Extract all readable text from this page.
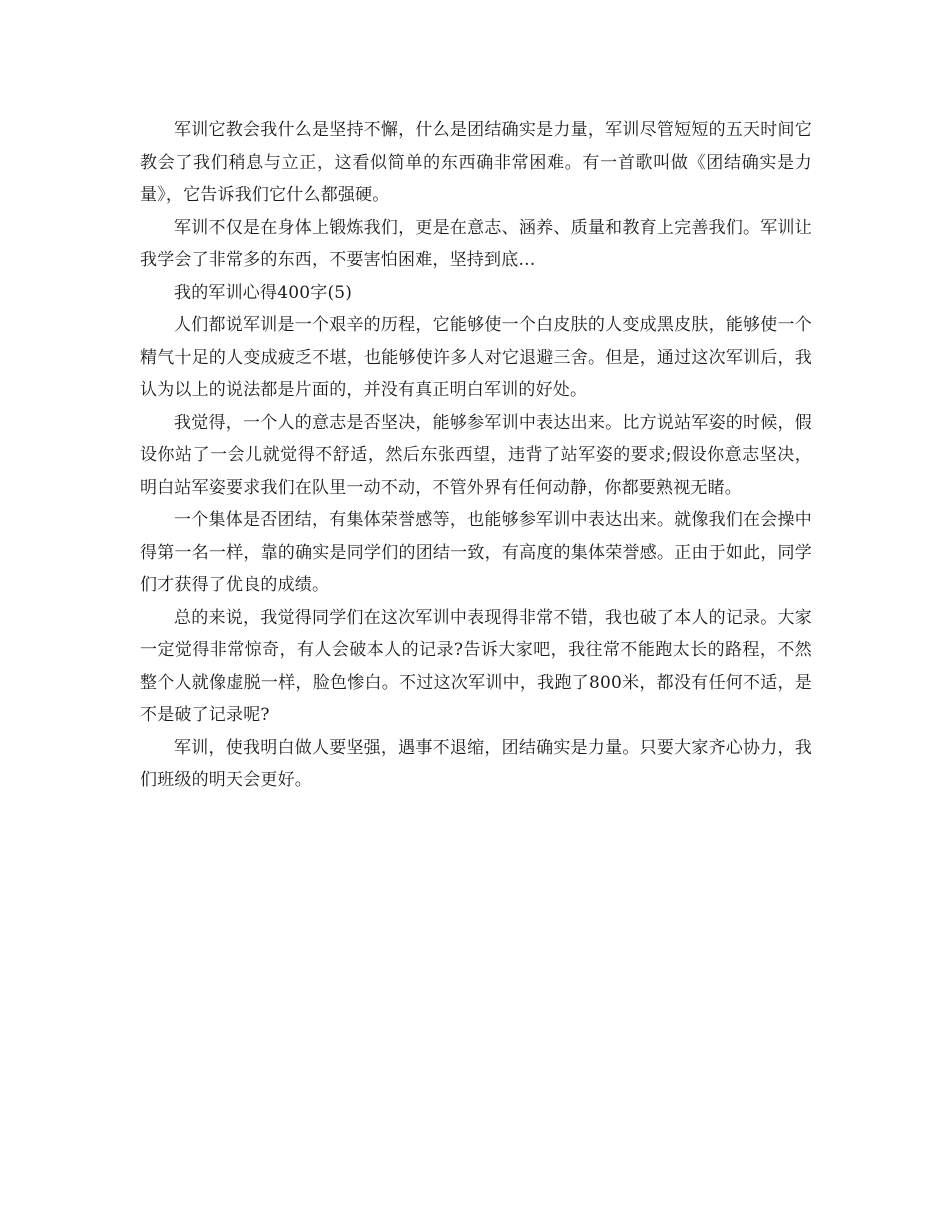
军训它教会我什么是坚持不懈，什么是团结确实是力量，军训尽管短短的五天时间它教会了我们稍息与立正，这看似简单的东西确非常困难。有一首歌叫做《团结确实是力量》，它告诉我们它什么都强硬。

军训不仅是在身体上锻炼我们，更是在意志、涵养、质量和教育上完善我们。军训让我学会了非常多的东西，不要害怕困难，坚持到底…

我的军训心得400字(5)

人们都说军训是一个艰辛的历程，它能够使一个白皮肤的人变成黑皮肤，能够使一个精气十足的人变成疲乏不堪，也能够使许多人对它退避三舍。但是，通过这次军训后，我认为以上的说法都是片面的，并没有真正明白军训的好处。

我觉得，一个人的意志是否坚决，能够参军训中表达出来。比方说站军姿的时候，假设你站了一会儿就觉得不舒适，然后东张西望，违背了站军姿的要求;假设你意志坚决，明白站军姿要求我们在队里一动不动，不管外界有任何动静，你都要熟视无睹。

一个集体是否团结，有集体荣誉感等，也能够参军训中表达出来。就像我们在会操中得第一名一样，靠的确实是同学们的团结一致，有高度的集体荣誉感。正由于如此，同学们才获得了优良的成绩。

总的来说，我觉得同学们在这次军训中表现得非常不错，我也破了本人的记录。大家一定觉得非常惊奇，有人会破本人的记录?告诉大家吧，我往常不能跑太长的路程，不然整个人就像虚脱一样，脸色惨白。不过这次军训中，我跑了800米，都没有任何不适，是不是破了记录呢?

军训，使我明白做人要坚强，遇事不退缩，团结确实是力量。只要大家齐心协力，我们班级的明天会更好。
